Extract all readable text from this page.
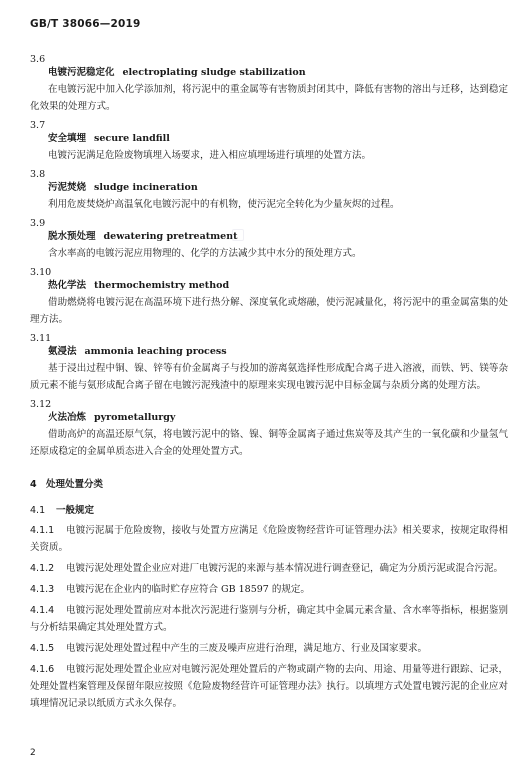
GB/T 38066—2019
3.6
电镀污泥稳定化 electroplating sludge stabilization
在电镀污泥中加入化学添加剂，将污泥中的重金属等有害物质封闭其中，降低有害物的溶出与迁移，达到稳定化效果的处理方式。
3.7
安全填埋 secure landfill
电镀污泥满足危险废物填埋入场要求，进入相应填埋场进行填埋的处置方法。
3.8
污泥焚烧 sludge incineration
利用危废焚烧炉高温氧化电镀污泥中的有机物，使污泥完全转化为少量灰烬的过程。
3.9
脱水预处理 dewatering pretreatment
含水率高的电镀污泥应用物理的、化学的方法减少其中水分的预处理方式。
3.10
热化学法 thermochemistry method
借助燃烧将电镀污泥在高温环境下进行热分解、深度氧化或熔融，使污泥减量化，将污泥中的重金属富集的处理方法。
3.11
氨浸法 ammonia leaching process
基于浸出过程中铜、镍、锌等有价金属离子与投加的游离氨选择性形成配合离子进入溶液，而铁、钙、镁等杂质元素不能与氨形成配合离子留在电镀污泥残渣中的原理来实现电镀污泥中目标金属与杂质分离的处理方法。
3.12
火法冶炼 pyrometallurgy
借助高炉的高温还原气氛，将电镀污泥中的铬、镍、铜等金属离子通过焦炭等及其产生的一氧化碳和少量氢气还原成稳定的金属单质态进入合金的处理处置方式。
4 处理处置分类
4.1 一般规定
4.1.1 电镀污泥属于危险废物，接收与处置方应满足《危险废物经营许可证管理办法》相关要求，按规定取得相关资质。
4.1.2 电镀污泥处理处置企业应对进厂电镀污泥的来源与基本情况进行调查登记，确定为分质污泥或混合污泥。
4.1.3 电镀污泥在企业内的临时贮存应符合 GB 18597 的规定。
4.1.4 电镀污泥处理处置前应对本批次污泥进行鉴别与分析，确定其中金属元素含量、含水率等指标，根据鉴别与分析结果确定其处理处置方式。
4.1.5 电镀污泥处理处置过程中产生的三废及噪声应进行治理，满足地方、行业及国家要求。
4.1.6 电镀污泥处理处置企业应对电镀污泥处理处置后的产物或副产物的去向、用途、用量等进行跟踪、记录，处理处置档案管理及保留年限应按照《危险废物经营许可证管理办法》执行。以填埋方式处置电镀污泥的企业应对填埋情况记录以纸质方式永久保存。
2
